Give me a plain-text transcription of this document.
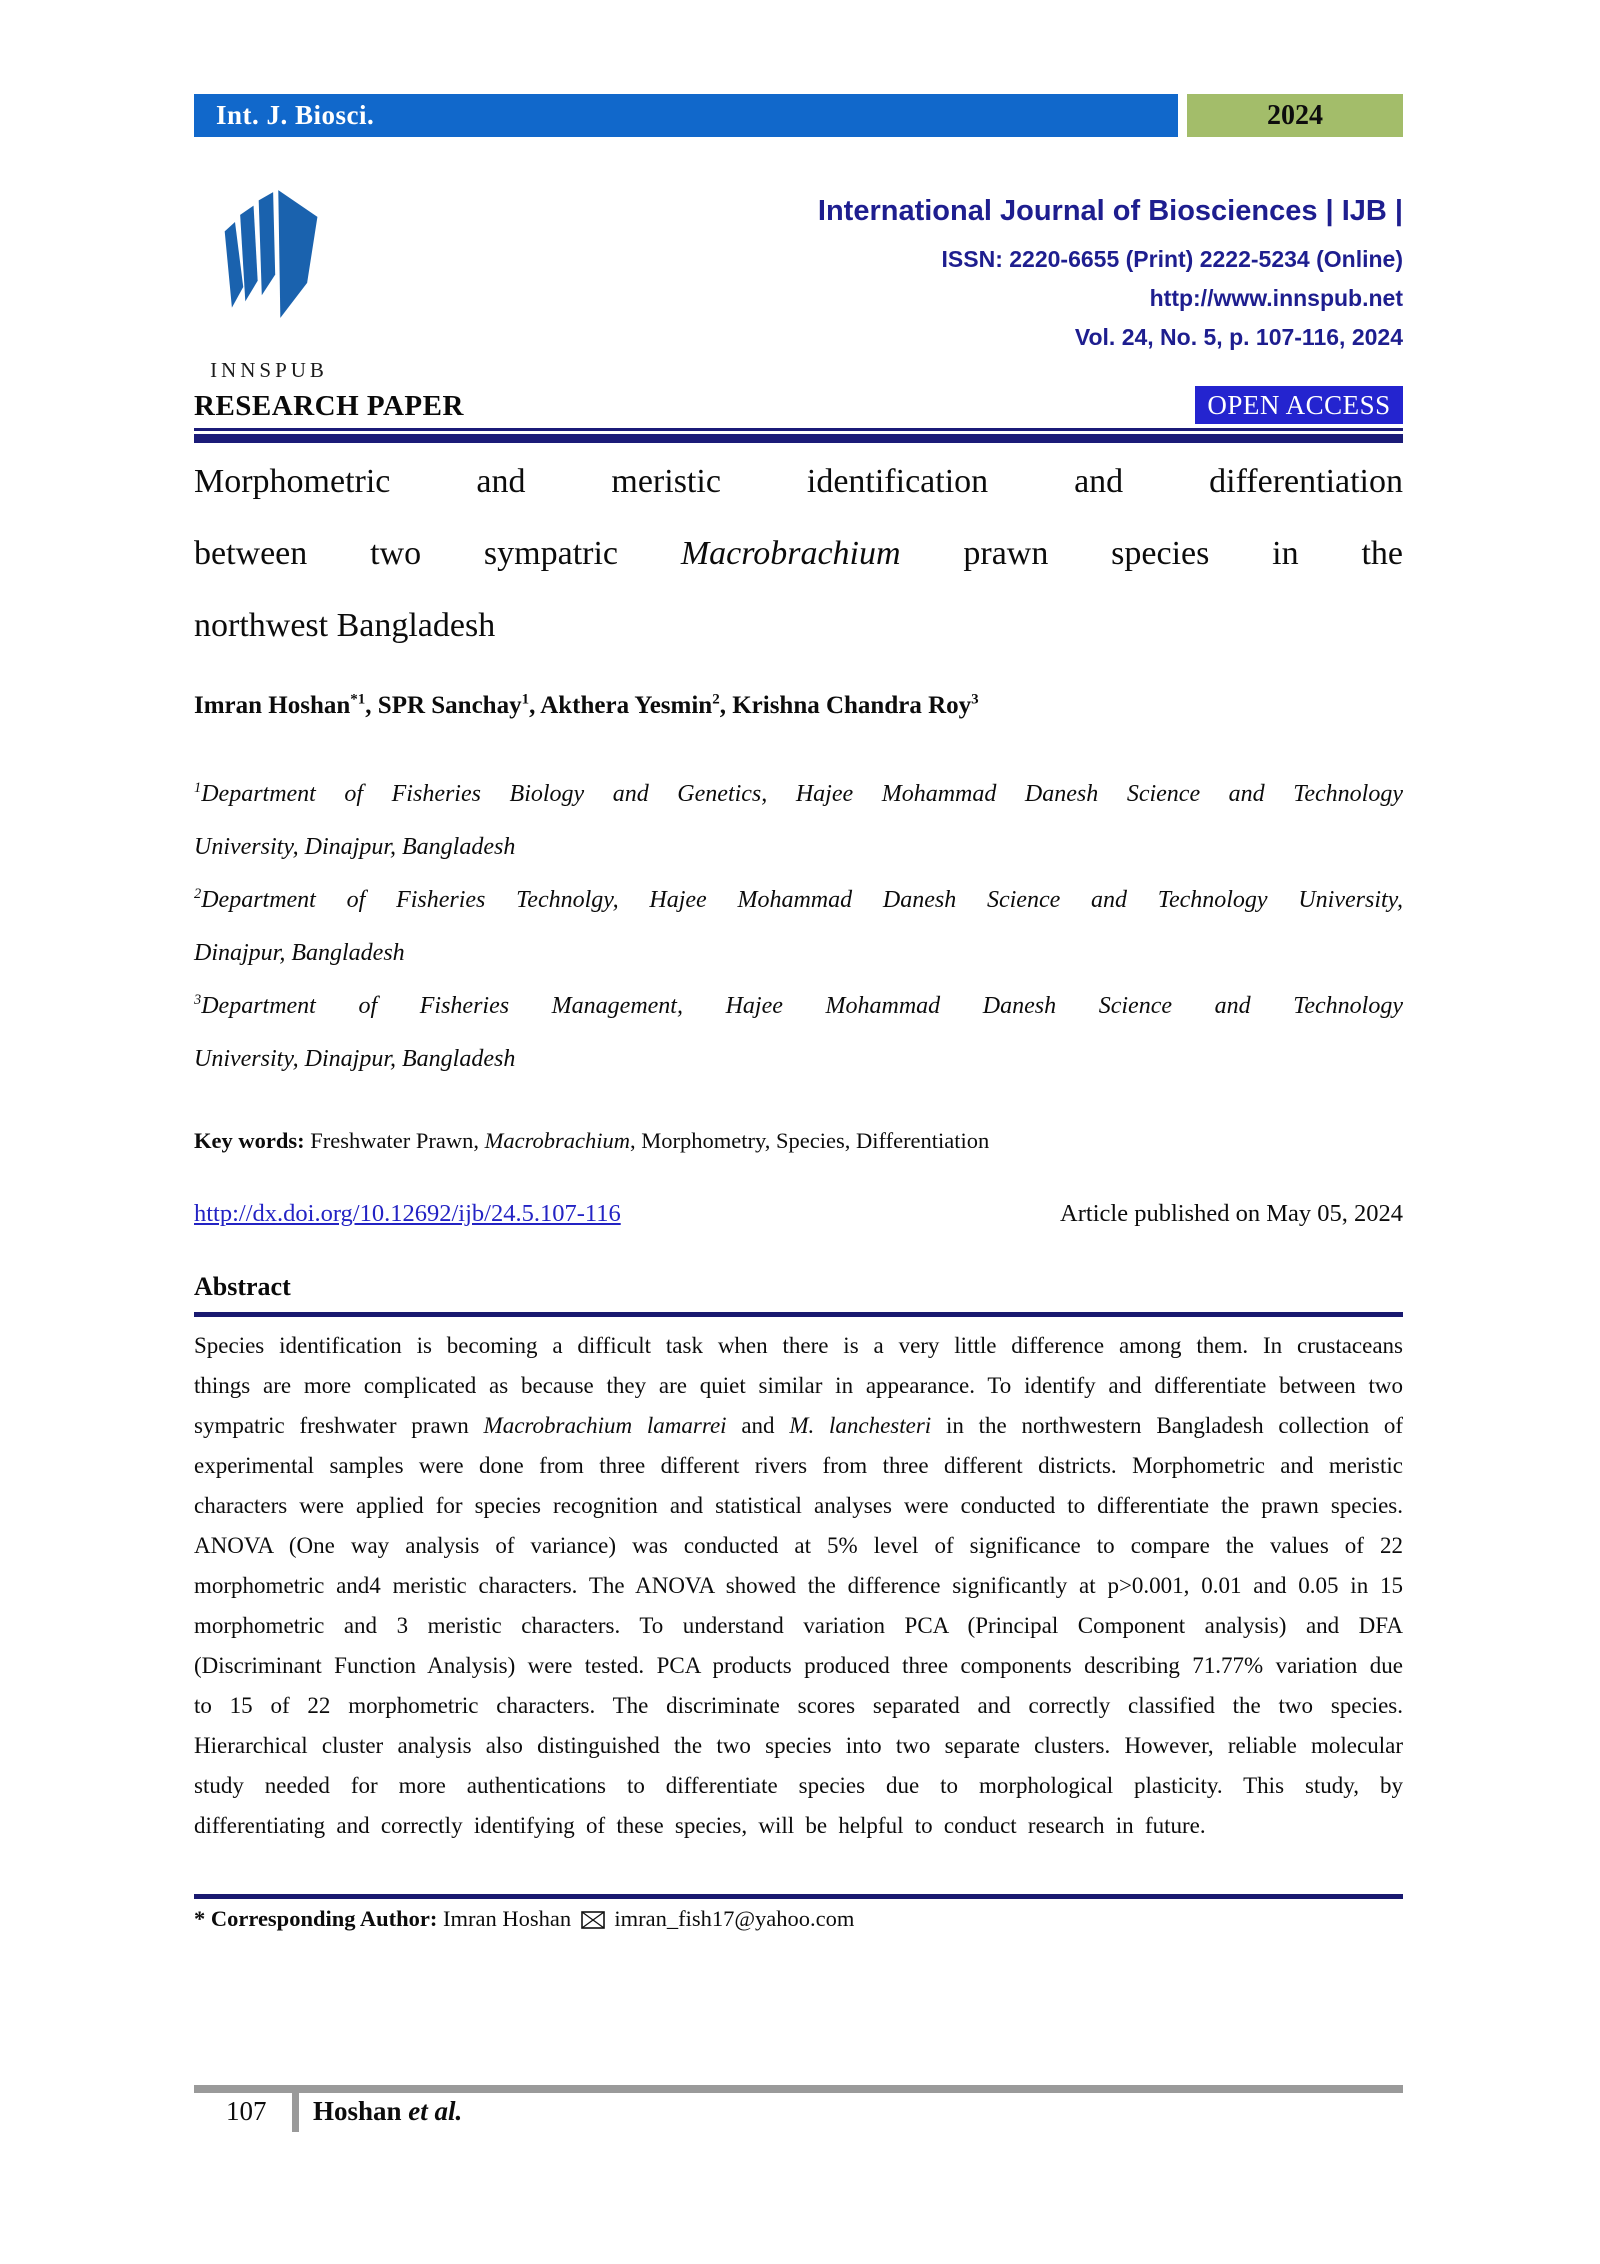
Int. J. Biosci.	2024
INNSPUB
International Journal of Biosciences | IJB |
ISSN: 2220-6655 (Print) 2222-5234 (Online)
http://www.innspub.net
Vol. 24, No. 5, p. 107-116, 2024
RESEARCH PAPER	OPEN ACCESS
Morphometric and meristic identification and differentiation
between two sympatric Macrobrachium prawn species in the
northwest Bangladesh
Imran Hoshan$^{*1}$, SPR Sanchay$^1$, Akthera Yesmin$^2$, Krishna Chandra Roy$^3$
$^1$Department of Fisheries Biology and Genetics, Hajee Mohammad Danesh Science and Technology
University, Dinajpur, Bangladesh
$^2$Department of Fisheries Technolgy, Hajee Mohammad Danesh Science and Technology University,
Dinajpur, Bangladesh
$^3$Department of Fisheries Management, Hajee Mohammad Danesh Science and Technology
University, Dinajpur, Bangladesh
Key words: Freshwater Prawn, Macrobrachium, Morphometry, Species, Differentiation
http://dx.doi.org/10.12692/ijb/24.5.107-116	Article published on May 05, 2024
Abstract
Species identification is becoming a difficult task when there is a very little difference among them. In crustaceans things are more complicated as because they are quiet similar in appearance. To identify and differentiate between two sympatric freshwater prawn Macrobrachium lamarrei and M. lanchesteri in the northwestern Bangladesh collection of experimental samples were done from three different rivers from three different districts. Morphometric and meristic characters were applied for species recognition and statistical analyses were conducted to differentiate the prawn species. ANOVA (One way analysis of variance) was conducted at 5% level of significance to compare the values of 22 morphometric and4 meristic characters. The ANOVA showed the difference significantly at p>0.001, 0.01 and 0.05 in 15 morphometric and 3 meristic characters. To understand variation PCA (Principal Component analysis) and DFA (Discriminant Function Analysis) were tested. PCA products produced three components describing 71.77% variation due to 15 of 22 morphometric characters. The discriminate scores separated and correctly classified the two species. Hierarchical cluster analysis also distinguished the two species into two separate clusters. However, reliable molecular study needed for more authentications to differentiate species due to morphological plasticity. This study, by differentiating and correctly identifying of these species, will be helpful to conduct research in future.
* Corresponding Author: Imran Hoshan imran_fish17@yahoo.com
107 Hoshan et al.
